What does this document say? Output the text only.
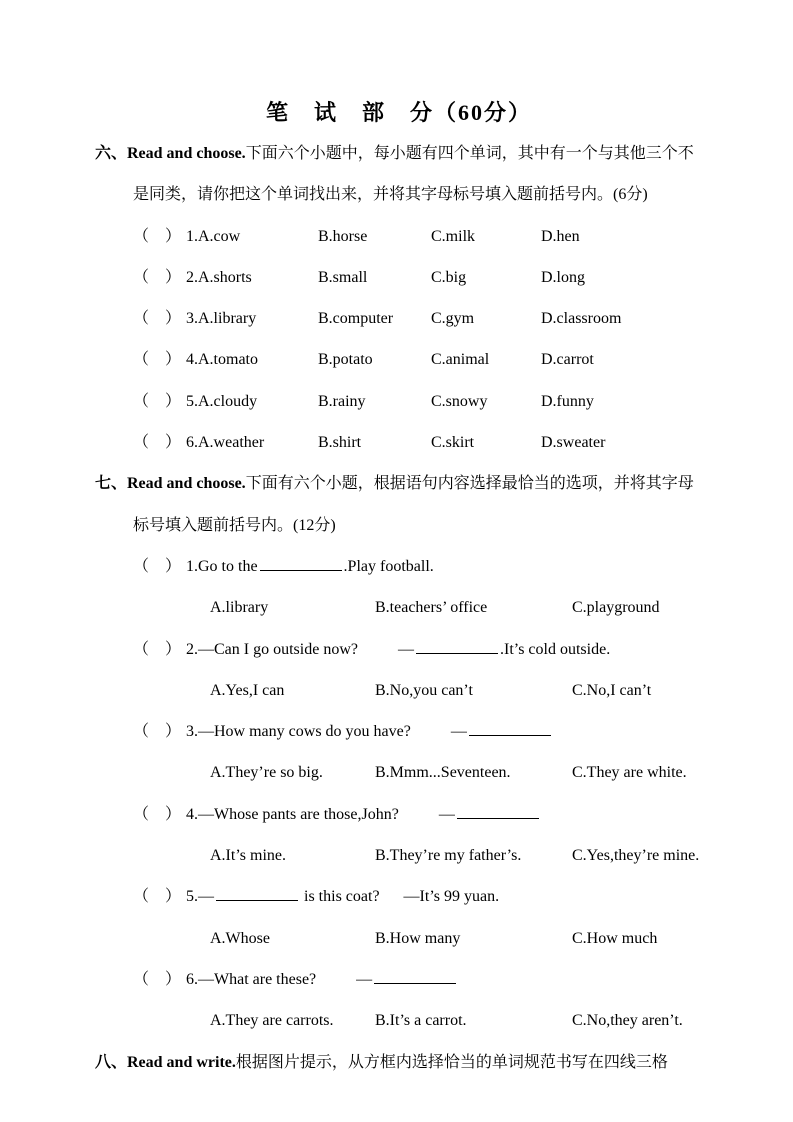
笔　试　部　分（60分）
六、Read and choose.下面六个小题中，每小题有四个单词，其中有一个与其他三个不
是同类，请你把这个单词找出来，并将其字母标号填入题前括号内。(6分)
（　） 1.A.cow	B.horse	C.milk	D.hen
（　） 2.A.shorts	B.small	C.big	D.long
（　） 3.A.library	B.computer C.gym	D.classroom
（　） 4.A.tomato	B.potato	C.animal	D.carrot
（　） 5.A.cloudy	B.rainy	C.snowy	D.funny
（　） 6.A.weather	B.shirt	C.skirt	D.sweater
七、Read and choose.下面有六个小题，根据语句内容选择最恰当的选项，并将其字母
标号填入题前括号内。(12分)
（　） 1.Go to the	.Play football.
A.library	B.teachers’ office	C.playground
（　） 2.—Can I go outside now?	—	.It’s cold outside.
A.Yes,I can	B.No,you can’t	C.No,I can’t
（　） 3.—How many cows do you have?	—
A.They’re so big.	B.Mmm...Seventeen.	C.They are white.
（　） 4.—Whose pants are those,John?	—
A.It’s mine.	B.They’re my father’s.	C.Yes,they’re mine.
（　） 5.—	is this coat? —It’s 99 yuan.
A.Whose	B.How many	C.How much
（　） 6.—What are these?	—
A.They are carrots.	B.It’s a carrot.	C.No,they aren’t.
八、Read and write.根据图片提示，从方框内选择恰当的单词规范书写在四线三格
